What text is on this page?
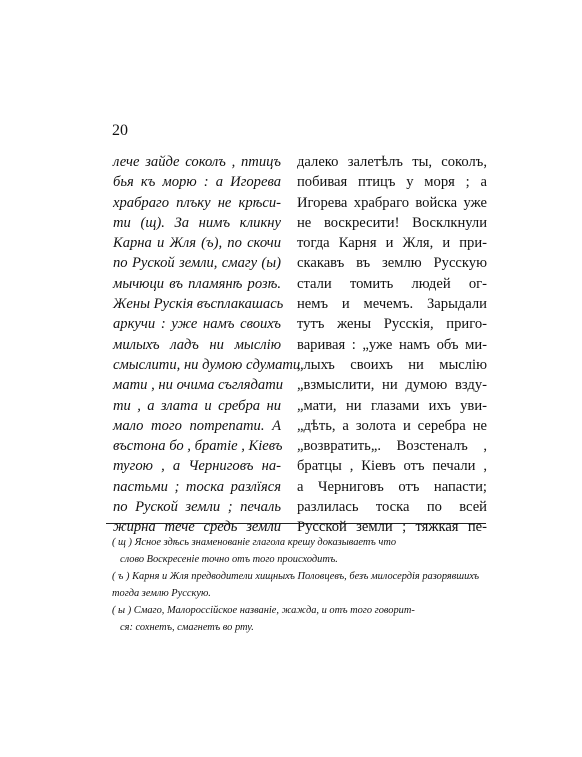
20
лече зайде соколъ , птицъ
бья къ морю : а Игорева
храбраго плъку не крѣси-
ти (щ). За нимъ кликну
Карна и Жля (ъ), по скочи
по Руской земли, смагу (ы)
мычюци въ пламянѣ розѣ.
Жены Рускія въсплакашась
аркучи : уже намъ своихъ
милыхъ ладъ ни мыслію
смыслити, ни думою сдумати
мати , ни очима съглядати
ти , а злата и сребра ни
мало того потрепати. А
въстона бо , братіе , Кіевъ
тугою , а Черниговъ на-
пастьми ; тоска разлїяся
по Руской земли ; печаль
жирна тече средь земли
далеко залетѣлъ ты, соколъ,
побивая птицъ у моря ; а
Игорева храбраго войска уже
не воскресити! Восклкнули
тогда Карня и Жля, и при-
скакавъ въ землю Русскую
стали томить людей ог-
немъ и мечемъ. Зарыдали
тутъ жены Русскія, приго-
варивая : „уже намъ объ ми-
„лыхъ своихъ ни мыслію
„взмыслити, ни думою взду-
„мати, ни глазами ихъ уви-
„дѣть, а золота и серебра не
„возвратить„. Возстеналъ ,
братцы , Кіевъ отъ печали ,
а Черниговъ отъ напасти;
разлилась тоска по всей
Русской земли ; тяжкая пе-
( щ ) Ясное здѣсь знаменованіе глагола крешу доказываетъ что
слово Воскресеніе точно отъ того происходитъ.
( ъ ) Карня и Жля предводители хищныхъ Половцевъ, безъ милосердія разорявшихъ тогда землю Русскую.
( ы ) Смаго, Малороссійское названіе, жажда, и отъ того говорит-
ся: сохнетъ, смагнетъ во рту.
